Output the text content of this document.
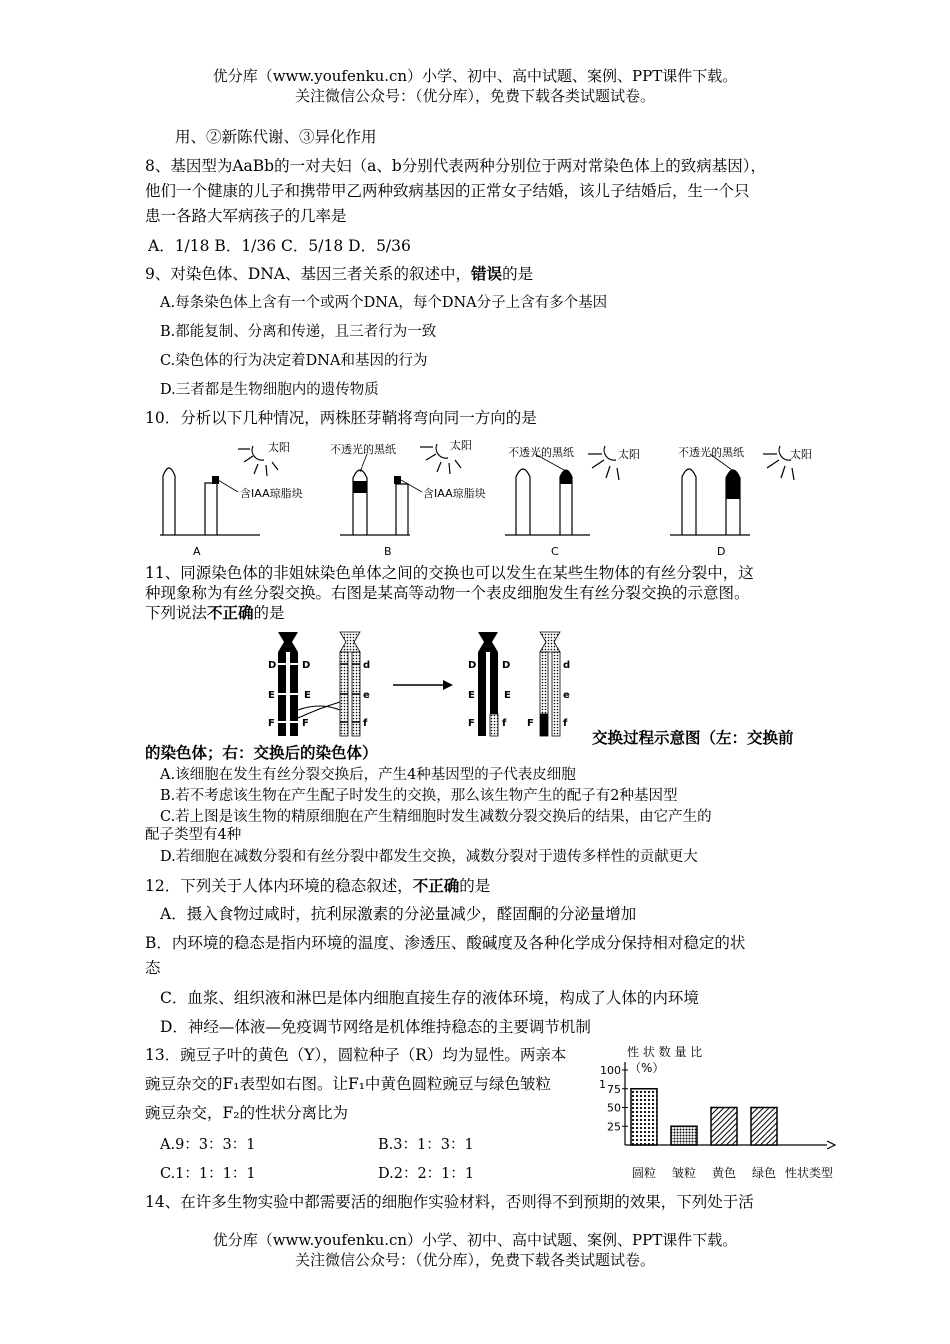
优分库（www.youfenku.cn）小学、初中、高中试题、案例、PPT课件下载。
关注微信公众号：（优分库），免费下载各类试题试卷。
用、②新陈代谢、③异化作用
8、基因型为AaBb的一对夫妇（a、b分别代表两种分别位于两对常染色体上的致病基因），
他们一个健康的儿子和携带甲乙两种致病基因的正常女子结婚，该儿子结婚后，生一个只
患一各路大军病孩子的几率是
A．1/18 B．1/36 C．5/18 D．5/36
9、对染色体、DNA、基因三者关系的叙述中，错误的是
A.每条染色体上含有一个或两个DNA，每个DNA分子上含有多个基因
B.都能复制、分离和传递，且三者行为一致
C.染色体的行为决定着DNA和基因的行为
D.三者都是生物细胞内的遗传物质
10．分析以下几种情况，两株胚芽鞘将弯向同一方向的是
含IAA琼脂块	含IAA琼脂块
不透光的黑纸	不透光的黑纸	不透光的黑纸
太阳	太阳
太阳	太阳
A	B	C	D
11、同源染色体的非姐妹染色单体之间的交换也可以发生在某些生物体的有丝分裂中，这
种现象称为有丝分裂交换。右图是某高等动物一个表皮细胞发生有丝分裂交换的示意图。
下列说法不正确的是
D	D
E	E
F	F
d
e
f
D
E
F
D
E
f F
d
e
f
交换过程示意图（左：交换前
的染色体；右：交换后的染色体）
A.该细胞在发生有丝分裂交换后，产生4种基因型的子代表皮细胞
B.若不考虑该生物在产生配子时发生的交换，那么该生物产生的配子有2种基因型
C.若上图是该生物的精原细胞在产生精细胞时发生减数分裂交换后的结果，由它产生的
配子类型有4种
D.若细胞在减数分裂和有丝分裂中都发生交换，减数分裂对于遗传多样性的贡献更大
12．下列关于人体内环境的稳态叙述，不正确的是
A．摄入食物过咸时，抗利尿激素的分泌量减少，醛固酮的分泌量增加
B．内环境的稳态是指内环境的温度、渗透压、酸碱度及各种化学成分保持相对稳定的状
态
C．血浆、组织液和淋巴是体内细胞直接生存的液体环境，构成了人体的内环境
D．神经—体液—免疫调节网络是机体维持稳态的主要调节机制
13．豌豆子叶的黄色（Y），圆粒种子（R）均为显性。两亲本
豌豆杂交的F₁表型如右图。让F₁中黄色圆粒豌豆与绿色皱粒
豌豆杂交，F₂的性状分离比为
A.9：3：3：1	B.3：1：3：1
C.1：1：1：1	D.2：2：1：1
性 状 数 量 比
（%）
1
25
50
75
100
圆粒 皱粒 黄色 绿色 性状类型
14、在许多生物实验中都需要活的细胞作实验材料，否则得不到预期的效果，下列处于活
优分库（www.youfenku.cn）小学、初中、高中试题、案例、PPT课件下载。
关注微信公众号：（优分库），免费下载各类试题试卷。
